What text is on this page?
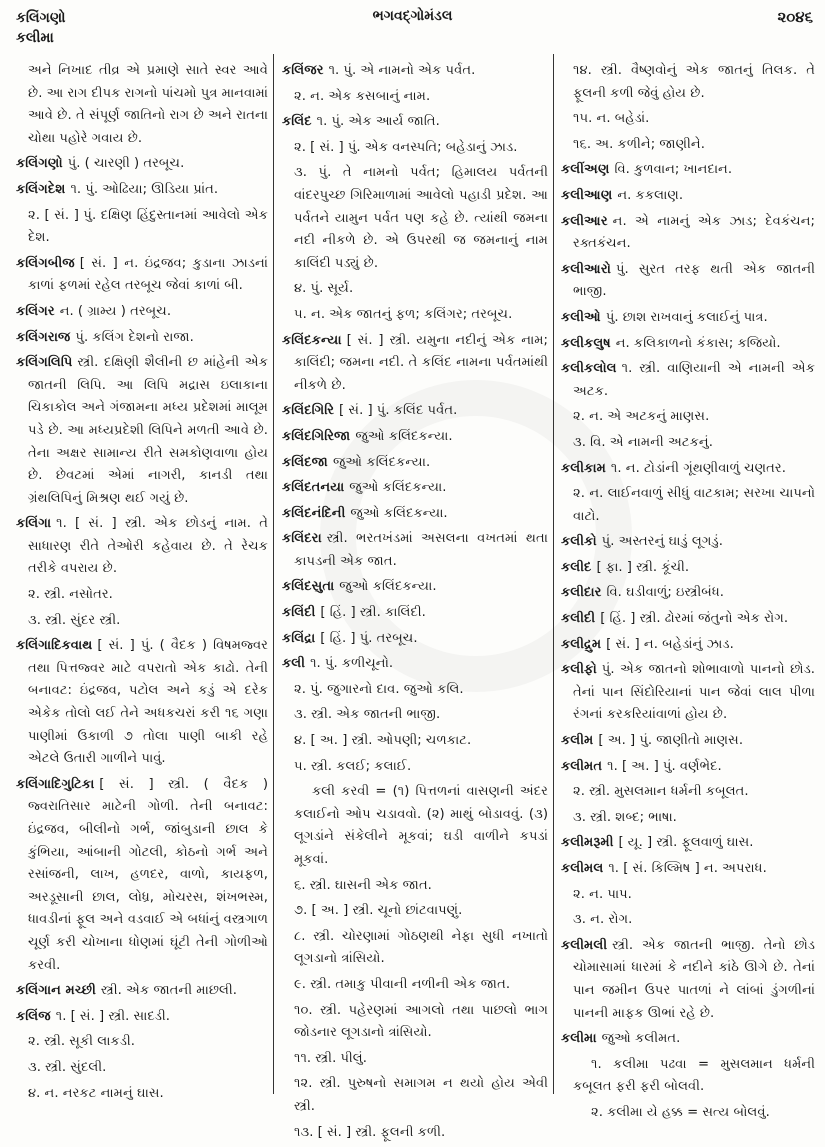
કલિંગણો
કલીમા
ભગવદ્ગોમંડલ	૨૦૪૬
અને નિખાદ તીવ્ર એ પ્રમાણે સાતે સ્વર આવે છે. આ રાગ દીપક રાગનો પાંચમો પુત્ર માનવામાં આવે છે. તે સંપૂર્ણ જાતિનો રાગ છે અને રાતના ચોથા પહોરે ગવાય છે.
કલિંગણો પું. ( ચારણી ) તરબૂચ.
કલિંગદેશ ૧. પું. ઓઢિયા; ઊડિયા પ્રાંત.
૨. [ સં. ] પું. દક્ષિણ હિંદુસ્તાનમાં આવેલો એક દેશ.
કલિંગબીજ [ સં. ] ન. ઇંદ્રજવ; કુડાના ઝાડનાં કાળાં ફળમાં રહેલ તરબૂચ જેવાં કાળાં બી.
કલિંગર ન. ( ગ્રામ્ય ) તરબૂચ.
કલિંગરાજ પું. કલિંગ દેશનો રાજા.
કલિંગલિપિ સ્ત્રી. દક્ષિણી શૈલીની છ માંહેની એક જાતની લિપિ. આ લિપિ મદ્રાસ ઇલાકાના ચિકાકોલ અને ગંજામના મધ્ય પ્રદેશમાં માલૂમ પડે છે. આ મધ્યપ્રદેશી લિપિને મળતી આવે છે. તેના અક્ષર સામાન્ય રીતે સમકોણવાળા હોય છે. છેવટમાં એમાં નાગરી, કાનડી તથા ગ્રંથલિપિનું મિશ્રણ થઈ ગયું છે.
કલિંગા ૧. [ સં. ] સ્ત્રી. એક છોડનું નામ. તે સાધારણ રીતે તેઓરી કહેવાય છે. તે રેચક તરીકે વપરાય છે.
૨. સ્ત્રી. નસોતર.
૩. સ્ત્રી. સુંદર સ્ત્રી.
કલિંગાદિકવાથ [ સં. ] પું. ( વૈદક ) વિષમજ્વર તથા પિત્તજ્વર માટે વપરાતો એક કાઢો. તેની બનાવટ: ઇંદ્રજવ, પટોલ અને કડું એ દરેક એકેક તોલો લઈ તેને અધકચરાં કરી ૧૬ ગણા પાણીમાં ઉકાળી ૭ તોલા પાણી બાકી રહે એટલે ઉતારી ગાળીને પાવું.
કલિંગાદિગુટિકા [ સં. ] સ્ત્રી. ( વૈદક ) જ્વરાતિસાર માટેની ગોળી. તેની બનાવટ: ઇંદ્રજવ, બીલીનો ગર્ભ, જાંબુડાની છાલ કે કુંભિયા, આંબાની ગોટલી, કોઠનો ગર્ભ અને રસાંજની, લાખ, હળદર, વાળો, કાયફળ, અરડૂસાની છાલ, લોધ્ર, મોચરસ, શંખભસ્મ, ધાવડીનાં ફૂલ અને વડવાઈ એ બધાંનું વસ્ત્રગાળ ચૂર્ણ કરી ચોખાના ધોણમાં ઘૂંટી તેની ગોળીઓ કરવી.
કલિંગાન મચ્છી સ્ત્રી. એક જાતની માછલી.
કલિંજ ૧. [ સં. ] સ્ત્રી. સાદડી.
૨. સ્ત્રી. સૂકી લાકડી.
૩. સ્ત્રી. સુંદલી.
૪. ન. નરકટ નામનું ઘાસ.
કલિંજર ૧. પું. એ નામનો એક પર્વત.
૨. ન. એક કસબાનું નામ.
કલિંદ ૧. પું. એક આર્ય જાતિ.
૨. [ સં. ] પું. એક વનસ્પતિ; બહેડાનું ઝાડ.
૩. પું. તે નામનો પર્વત; હિમાલય પર્વતની વાંદરપુચ્છ ગિરિમાળામાં આવેલો પહાડી પ્રદેશ. આ પર્વતને યામુન પર્વત પણ કહે છે. ત્યાંથી જમના નદી નીકળે છે. એ ઉપરથી જ જમનાનું નામ કાલિંદી પડ્યું છે.
૪. પું. સૂર્ય.
૫. ન. એક જાતનું ફળ; કલિંગર; તરબૂચ.
કલિંદકન્યા [ સં. ] સ્ત્રી. યમુના નદીનું એક નામ; કાલિંદી; જમના નદી. તે કલિંદ નામના પર્વતમાંથી નીકળે છે.
કલિંદગિરિ [ સં. ] પું. કલિંદ પર્વત.
કલિંદગિરિજા જુઓ કલિંદકન્યા.
કલિંદજા જુઓ કલિંદકન્યા.
કલિંદતનયા જુઓ કલિંદકન્યા.
કલિંદનંદિની જુઓ કલિંદકન્યા.
કલિંદરા સ્ત્રી. ભરતખંડમાં અસલના વખતમાં થતા કાપડની એક જાત.
કલિંદસુતા જુઓ કલિંદકન્યા.
કલિંદી [ હિં. ] સ્ત્રી. કાલિંદી.
કલિંદ્રા [ હિં. ] પું. તરબૂચ.
કલી ૧. પું. કળીચૂનો.
૨. પું. જુગારનો દાવ. જુઓ કલિ.
૩. સ્ત્રી. એક જાતની ભાજી.
૪. [ અ. ] સ્ત્રી. ઓપણી; ચળકાટ.
૫. સ્ત્રી. કલઈ; કલાઈ.
કલી કરવી = (૧) પિત્તળનાં વાસણની અંદર કલાઈનો ઓપ ચડાવવો. (૨) માથું બોડાવવું. (૩) લૂગડાંને સંકેલીને મૂકવાં; ઘડી વાળીને કપડાં મૂકવાં.
૬. સ્ત્રી. ઘાસની એક જાત.
૭. [ અ. ] સ્ત્રી. ચૂનો છાંટવાપણું.
૮. સ્ત્રી. ચોરણામાં ગોઠણથી નેફા સુધી નખાતો લૂગડાનો ત્રાંસિયો.
૯. સ્ત્રી. તમાકુ પીવાની નળીની એક જાત.
૧૦. સ્ત્રી. પહેરણમાં આગલો તથા પાછલો ભાગ જોડનાર લૂગડાનો ત્રાંસિયો.
૧૧. સ્ત્રી. પીલું.
૧૨. સ્ત્રી. પુરુષનો સમાગમ ન થયો હોય એવી સ્ત્રી.
૧૩. [ સં. ] સ્ત્રી. ફૂલની કળી.
૧૪. સ્ત્રી. વૈષ્ણવોનું એક જાતનું તિલક. તે ફૂલની કળી જેવું હોય છે.
૧૫. ન. બહેડાં.
૧૬. અ. કળીને; જાણીને.
કલીંઅણ વિ. કુળવાન; ખાનદાન.
કલીઆણ ન. કકલાણ.
કલીઆર ન. એ નામનું એક ઝાડ; દેવકંચન; રક્તકંચન.
કલીઆરો પું. સુરત તરફ થતી એક જાતની ભાજી.
કલીઓ પું. છાશ રાખવાનું કલાઈનું પાત્ર.
કલીકલુષ ન. કલિકાળનો કંકાસ; કજિયો.
કલીકલોલ ૧. સ્ત્રી. વાણિયાની એ નામની એક અટક.
૨. ન. એ અટકનું માણસ.
૩. વિ. એ નામની અટકનું.
કલીકામ ૧. ન. ટોડાંની ગૂંથણીવાળું ચણતર.
૨. ન. લાઈનવાળું સીધું વાટકામ; સરખા ચાપનો વાટો.
કલીકો પું. અસ્તરનું ઘાડું લૂગડું.
કલીદ [ ફા. ] સ્ત્રી. કૂંચી.
કલીદાર વિ. ઘડીવાળું; ઇસ્ત્રીબંધ.
કલીદી [ હિં. ] સ્ત્રી. ઢોરમાં જંતુનો એક રોગ.
કલીદ્રુમ [ સં. ] ન. બહેડાંનું ઝાડ.
કલીફો પું. એક જાતનો શોભાવાળો પાનનો છોડ. તેનાં પાન સિંદોરિયાનાં પાન જેવાં લાલ પીળા રંગનાં કરકરિયાંવાળાં હોય છે.
કલીમ [ અ. ] પું. જાણીતો માણસ.
કલીમત ૧. [ અ. ] પું. વર્ણભેદ.
૨. સ્ત્રી. મુસલમાન ધર્મની કબૂલત.
૩. સ્ત્રી. શબ્દ; ભાષા.
કલીમરૂમી [ યૂ. ] સ્ત્રી. ફૂલવાળું ઘાસ.
કલીમલ ૧. [ સં. કિલ્મિષ ] ન. અપરાધ.
૨. ન. પાપ.
૩. ન. રોગ.
કલીમલી સ્ત્રી. એક જાતની ભાજી. તેનો છોડ ચોમાસામાં ધારમાં કે નદીને કાંઠે ઊગે છે. તેનાં પાન જમીન ઉપર પાતળાં ને લાંબાં ડુંગળીનાં પાનની માફક ઊભાં રહે છે.
કલીમા જુઓ કલીમત.
૧. કલીમા પઢવા = મુસલમાન ધર્મની કબૂલત ફરી ફરી બોલવી.
૨. કલીમા યે હક્ક = સત્ય બોલવું.
